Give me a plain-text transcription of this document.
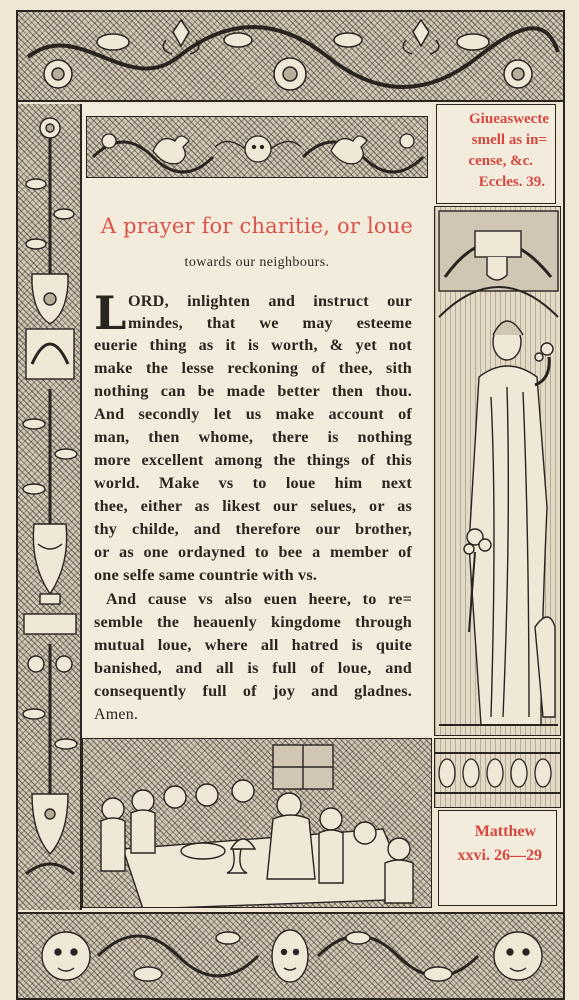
A prayer for charitie, or loue
towards our neighbours.
L ORD, inlighten and instruct our
mindes, that we may esteeme
euerie thing as it is worth, & yet not
make the lesse reckoning of thee, sith
nothing can be made better then thou.
And secondly let us make account of
man, then whome, there is nothing
more excellent among the things of this
world. Make vs to loue him next
thee, either as likest our selues, or as
thy childe, and therefore our brother,
or as one ordayned to bee a member of
one selfe same countrie with vs.
And cause vs also euen heere, to re=
semble the heauenly kingdome through
mutual loue, where all hatred is quite
banished, and all is full of loue, and
consequently full of joy and gladnes.
Amen.
Giueaswecte
smell as in=
cense, &c.
Eccles. 39.
Matthew
xxvi. 26—29
